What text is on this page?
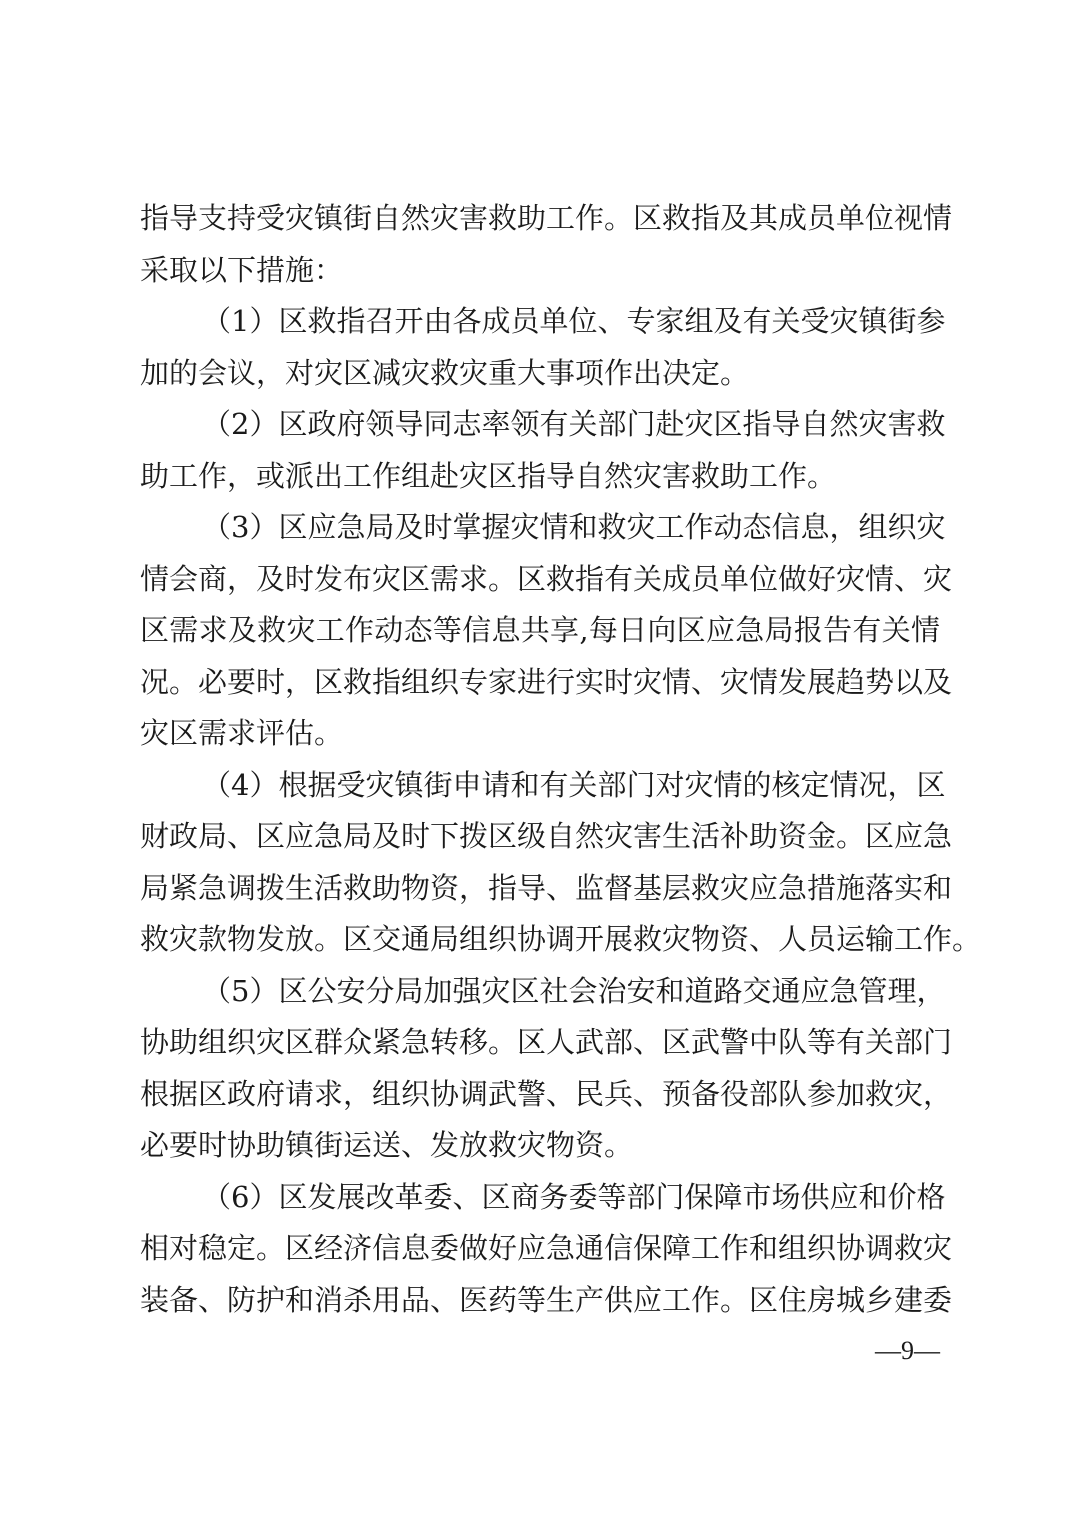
指导支持受灾镇街自然灾害救助工作。区救指及其成员单位视情
采取以下措施：
（1）区救指召开由各成员单位、专家组及有关受灾镇街参
加的会议，对灾区减灾救灾重大事项作出决定。
（2）区政府领导同志率领有关部门赴灾区指导自然灾害救
助工作，或派出工作组赴灾区指导自然灾害救助工作。
（3）区应急局及时掌握灾情和救灾工作动态信息，组织灾
情会商，及时发布灾区需求。区救指有关成员单位做好灾情、灾
区需求及救灾工作动态等信息共享,每日向区应急局报告有关情
况。必要时，区救指组织专家进行实时灾情、灾情发展趋势以及
灾区需求评估。
（4）根据受灾镇街申请和有关部门对灾情的核定情况，区
财政局、区应急局及时下拨区级自然灾害生活补助资金。区应急
局紧急调拨生活救助物资，指导、监督基层救灾应急措施落实和
救灾款物发放。区交通局组织协调开展救灾物资、人员运输工作。
（5）区公安分局加强灾区社会治安和道路交通应急管理，
协助组织灾区群众紧急转移。区人武部、区武警中队等有关部门
根据区政府请求，组织协调武警、民兵、预备役部队参加救灾，
必要时协助镇街运送、发放救灾物资。
（6）区发展改革委、区商务委等部门保障市场供应和价格
相对稳定。区经济信息委做好应急通信保障工作和组织协调救灾
装备、防护和消杀用品、医药等生产供应工作。区住房城乡建委
—9—
